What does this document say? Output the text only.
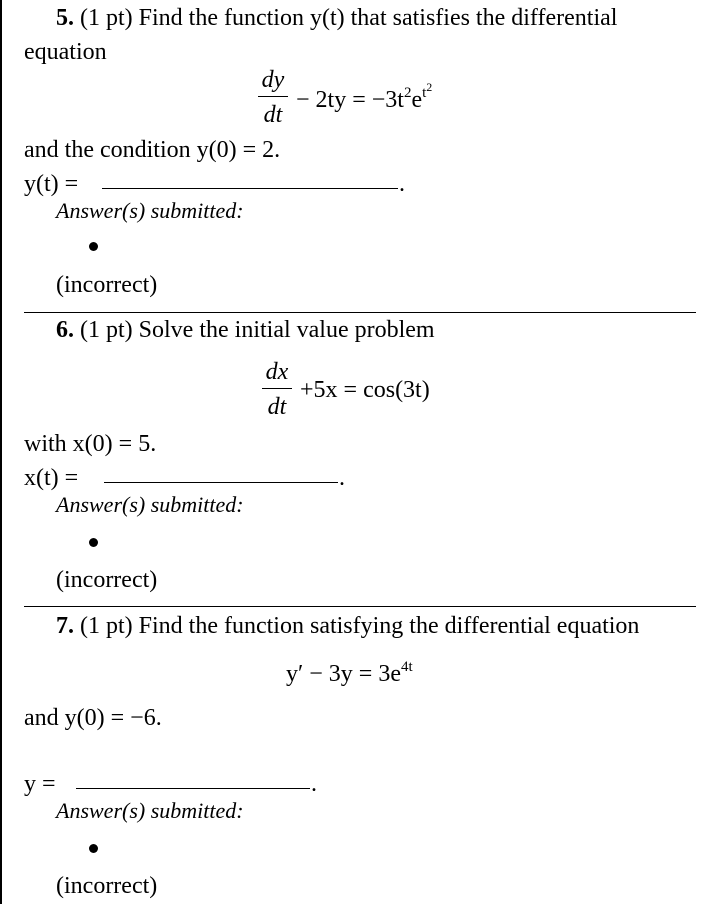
5. (1 pt) Find the function y(t) that satisfies the differential
equation
dy
dt
− $2ty = -3t^2e^{t^2}$
and the condition y(0) = 2.
y(t) =	.
Answer(s) submitted:
(incorrect)
6. (1 pt) Solve the initial value problem
dx
dt
+5x = cos(3t)
with x(0) = 5.
x(t) =	.
Answer(s) submitted:
(incorrect)
7. (1 pt) Find the function satisfying the differential equation
$y' - 3y = 3e^{4t}$
and y(0) = −6.
y =	.
Answer(s) submitted:
(incorrect)
